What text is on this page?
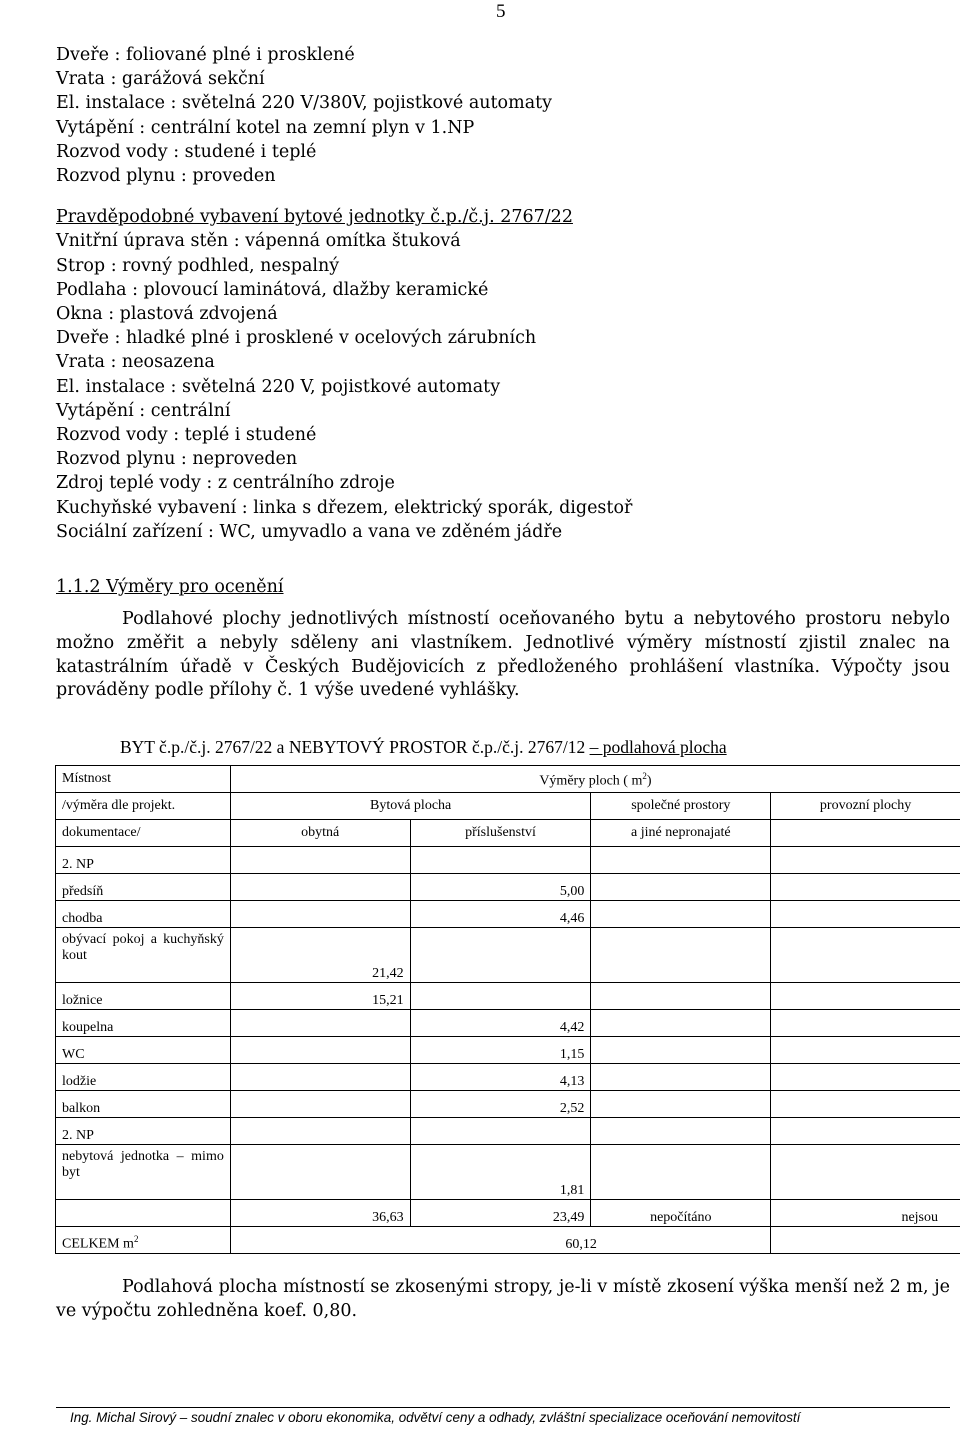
5
Dveře : foliované plné i prosklené
Vrata : garážová sekční
El. instalace : světelná 220 V/380V, pojistkové automaty
Vytápění : centrální kotel na zemní plyn v 1.NP
Rozvod vody : studené i teplé
Rozvod plynu : proveden
Pravděpodobné vybavení bytové jednotky č.p./č.j. 2767/22
Vnitřní úprava stěn : vápenná omítka štuková
Strop : rovný podhled, nespalný
Podlaha : plovoucí laminátová, dlažby keramické
Okna : plastová zdvojená
Dveře : hladké plné i prosklené v ocelových zárubních
Vrata : neosazena
El. instalace : světelná 220 V, pojistkové automaty
Vytápění : centrální
Rozvod vody : teplé i studené
Rozvod plynu : neproveden
Zdroj teplé vody : z centrálního zdroje
Kuchyňské vybavení : linka s dřezem, elektrický sporák, digestoř
Sociální zařízení : WC, umyvadlo a vana ve zděném jádře
1.1.2 Výměry pro ocenění

Podlahové plochy jednotlivých místností oceňovaného bytu a nebytového prostoru nebylo možno změřit a nebyly sděleny ani vlastníkem. Jednotlivé výměry místností zjistil znalec na katastrálním úřadě v Českých Budějovicích z předloženého prohlášení vlastníka. Výpočty jsou prováděny podle přílohy č. 1 výše uvedené vyhlášky.

BYT č.p./č.j. 2767/22 a NEBYTOVÝ PROSTOR č.p./č.j. 2767/12 – podlahová plocha
Místnost	Výměry ploch ( $m^2$)			
/výměra dle projekt.	Bytová plocha		společné prostory	provozní plochy
dokumentace/	obytná	příslušenství	a jiné nepronajaté	
2. NP				
předsíň		5,00		
chodba		4,46		

obývací pokoj a kuchyňský kout	21,42			
ložnice	15,21			
koupelna		4,42		
WC		1,15		
lodžie		4,13		
balkon		2,52		
2. NP				

nebytová jednotka – mimo byt		1,81		
	36,63	23,49	nepočítáno	nejsou
CELKEM $m^2$	60,12			

Podlahová plocha místností se zkosenými stropy, je-li v místě zkosení výška menší než 2 m, je ve výpočtu zohledněna koef. 0,80.

Ing. Michal Sirový – soudní znalec v oboru ekonomika, odvětví ceny a odhady, zvláštní specializace oceňování nemovitostí
